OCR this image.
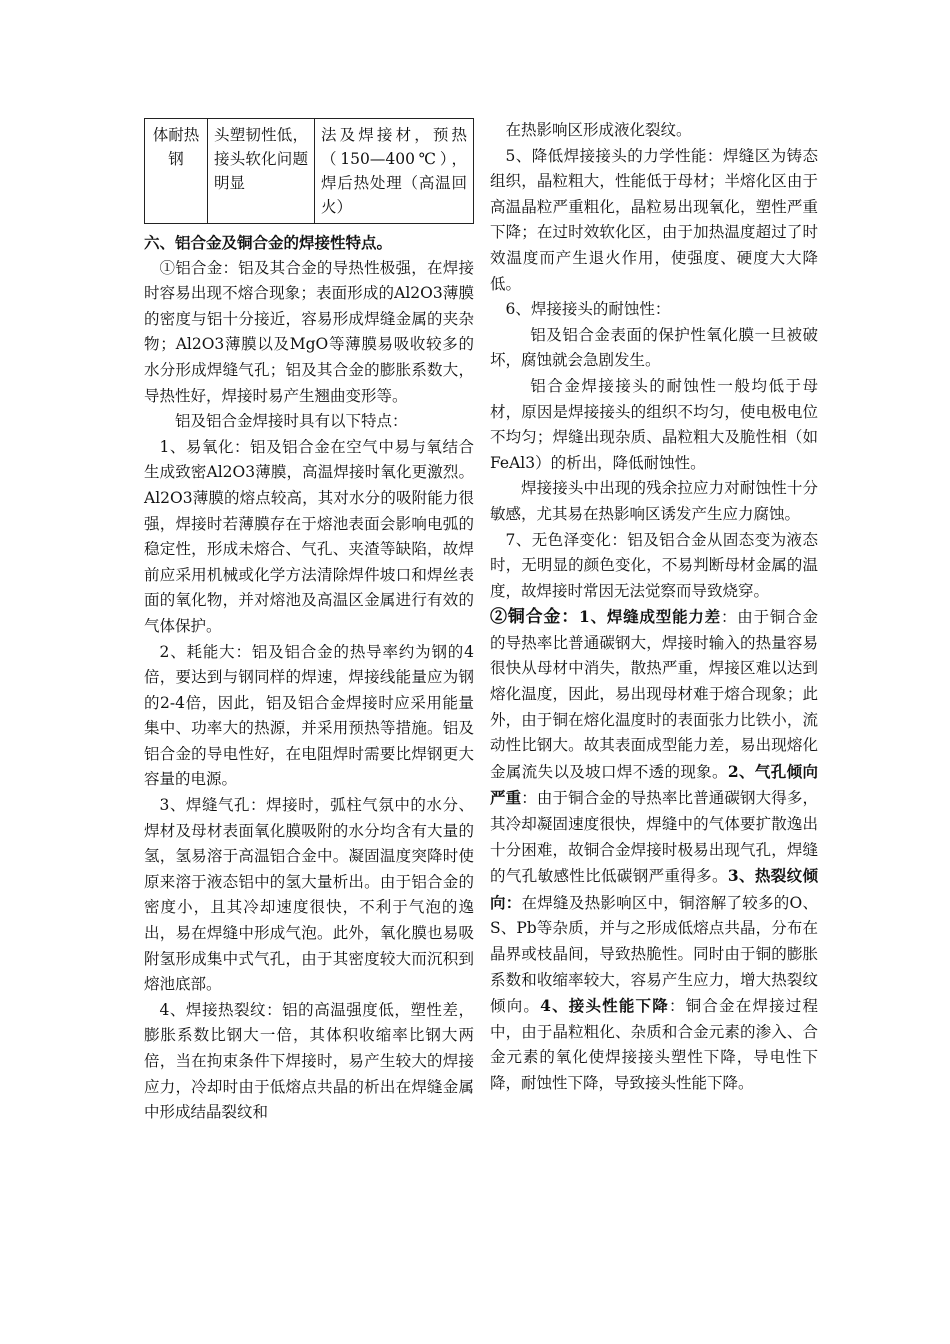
体耐热钢	头塑韧性低，接头软化问题明显	法及焊接材，预热（150—400℃），焊后热处理（高温回火）

六、铝合金及铜合金的焊接性特点。

①铝合金：铝及其合金的导热性极强，在焊接时容易出现不熔合现象；表面形成的Al2O3薄膜的密度与铝十分接近，容易形成焊缝金属的夹杂物；Al2O3薄膜以及MgO等薄膜易吸收较多的水分形成焊缝气孔；铝及其合金的膨胀系数大，导热性好，焊接时易产生翘曲变形等。

铝及铝合金焊接时具有以下特点：

1、易氧化：铝及铝合金在空气中易与氧结合生成致密Al2O3薄膜，高温焊接时氧化更激烈。Al2O3薄膜的熔点较高，其对水分的吸附能力很强，焊接时若薄膜存在于熔池表面会影响电弧的稳定性，形成未熔合、气孔、夹渣等缺陷，故焊前应采用机械或化学方法清除焊件坡口和焊丝表面的氧化物，并对熔池及高温区金属进行有效的气体保护。

2、耗能大：铝及铝合金的热导率约为钢的4倍，要达到与钢同样的焊速，焊接线能量应为钢的2-4倍，因此，铝及铝合金焊接时应采用能量集中、功率大的热源，并采用预热等措施。铝及铝合金的导电性好，在电阻焊时需要比焊钢更大容量的电源。

3、焊缝气孔：焊接时，弧柱气氛中的水分、焊材及母材表面氧化膜吸附的水分均含有大量的氢，氢易溶于高温铝合金中。凝固温度突降时使原来溶于液态铝中的氢大量析出。由于铝合金的密度小，且其冷却速度很快，不利于气泡的逸出，易在焊缝中形成气泡。此外，氧化膜也易吸附氢形成集中式气孔，由于其密度较大而沉积到熔池底部。

4、焊接热裂纹：铝的高温强度低，塑性差，膨胀系数比钢大一倍，其体积收缩率比钢大两倍，当在拘束条件下焊接时，易产生较大的焊接应力，冷却时由于低熔点共晶的析出在焊缝金属中形成结晶裂纹和

在热影响区形成液化裂纹。

5、降低焊接接头的力学性能：焊缝区为铸态组织，晶粒粗大，性能低于母材；半熔化区由于高温晶粒严重粗化，晶粒易出现氧化，塑性严重下降；在过时效软化区，由于加热温度超过了时效温度而产生退火作用，使强度、硬度大大降低。

6、焊接接头的耐蚀性：

铝及铝合金表面的保护性氧化膜一旦被破坏，腐蚀就会急剧发生。

铝合金焊接接头的耐蚀性一般均低于母材，原因是焊接接头的组织不均匀，使电极电位不均匀；焊缝出现杂质、晶粒粗大及脆性相（如FeAl3）的析出，降低耐蚀性。

焊接接头中出现的残余拉应力对耐蚀性十分敏感，尤其易在热影响区诱发产生应力腐蚀。

7、无色泽变化：铝及铝合金从固态变为液态时，无明显的颜色变化，不易判断母材金属的温度，故焊接时常因无法觉察而导致烧穿。

②铜合金：1、焊缝成型能力差：由于铜合金的导热率比普通碳钢大，焊接时输入的热量容易很快从母材中消失，散热严重，焊接区难以达到熔化温度，因此，易出现母材难于熔合现象；此外，由于铜在熔化温度时的表面张力比铁小，流动性比钢大。故其表面成型能力差，易出现熔化金属流失以及坡口焊不透的现象。2、气孔倾向严重：由于铜合金的导热率比普通碳钢大得多，其冷却凝固速度很快，焊缝中的气体要扩散逸出十分困难，故铜合金焊接时极易出现气孔，焊缝的气孔敏感性比低碳钢严重得多。3、热裂纹倾向：在焊缝及热影响区中，铜溶解了较多的O、S、Pb等杂质，并与之形成低熔点共晶，分布在晶界或枝晶间，导致热脆性。同时由于铜的膨胀系数和收缩率较大，容易产生应力，增大热裂纹倾向。4、接头性能下降：铜合金在焊接过程中，由于晶粒粗化、杂质和合金元素的渗入、合金元素的氧化使焊接接头塑性下降，导电性下降，耐蚀性下降，导致接头性能下降。
